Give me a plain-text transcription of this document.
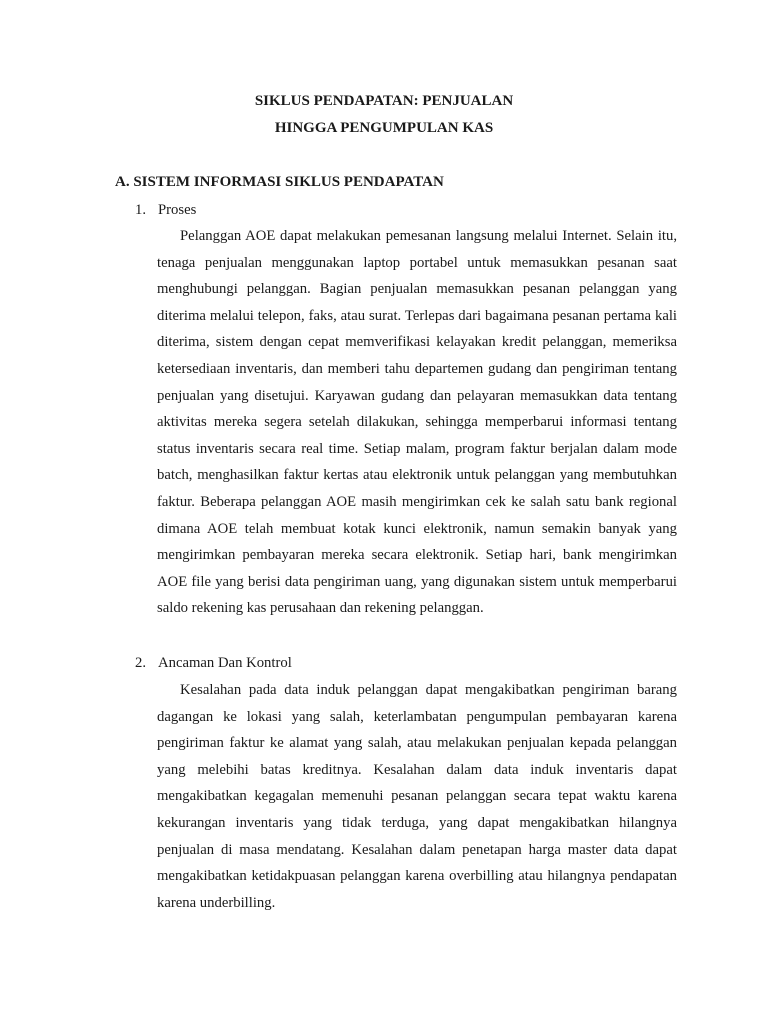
SIKLUS PENDAPATAN: PENJUALAN
HINGGA PENGUMPULAN KAS
A. SISTEM INFORMASI SIKLUS PENDAPATAN
1. Proses

Pelanggan AOE dapat melakukan pemesanan langsung melalui Internet. Selain itu, tenaga penjualan menggunakan laptop portabel untuk memasukkan pesanan saat menghubungi pelanggan. Bagian penjualan memasukkan pesanan pelanggan yang diterima melalui telepon, faks, atau surat. Terlepas dari bagaimana pesanan pertama kali diterima, sistem dengan cepat memverifikasi kelayakan kredit pelanggan, memeriksa ketersediaan inventaris, dan memberi tahu departemen gudang dan pengiriman tentang penjualan yang disetujui. Karyawan gudang dan pelayaran memasukkan data tentang aktivitas mereka segera setelah dilakukan, sehingga memperbarui informasi tentang status inventaris secara real time. Setiap malam, program faktur berjalan dalam mode batch, menghasilkan faktur kertas atau elektronik untuk pelanggan yang membutuhkan faktur. Beberapa pelanggan AOE masih mengirimkan cek ke salah satu bank regional dimana AOE telah membuat kotak kunci elektronik, namun semakin banyak yang mengirimkan pembayaran mereka secara elektronik. Setiap hari, bank mengirimkan AOE file yang berisi data pengiriman uang, yang digunakan sistem untuk memperbarui saldo rekening kas perusahaan dan rekening pelanggan.

2. Ancaman Dan Kontrol

Kesalahan pada data induk pelanggan dapat mengakibatkan pengiriman barang dagangan ke lokasi yang salah, keterlambatan pengumpulan pembayaran karena pengiriman faktur ke alamat yang salah, atau melakukan penjualan kepada pelanggan yang melebihi batas kreditnya. Kesalahan dalam data induk inventaris dapat mengakibatkan kegagalan memenuhi pesanan pelanggan secara tepat waktu karena kekurangan inventaris yang tidak terduga, yang dapat mengakibatkan hilangnya penjualan di masa mendatang. Kesalahan dalam penetapan harga master data dapat mengakibatkan ketidakpuasan pelanggan karena overbilling atau hilangnya pendapatan karena underbilling.
